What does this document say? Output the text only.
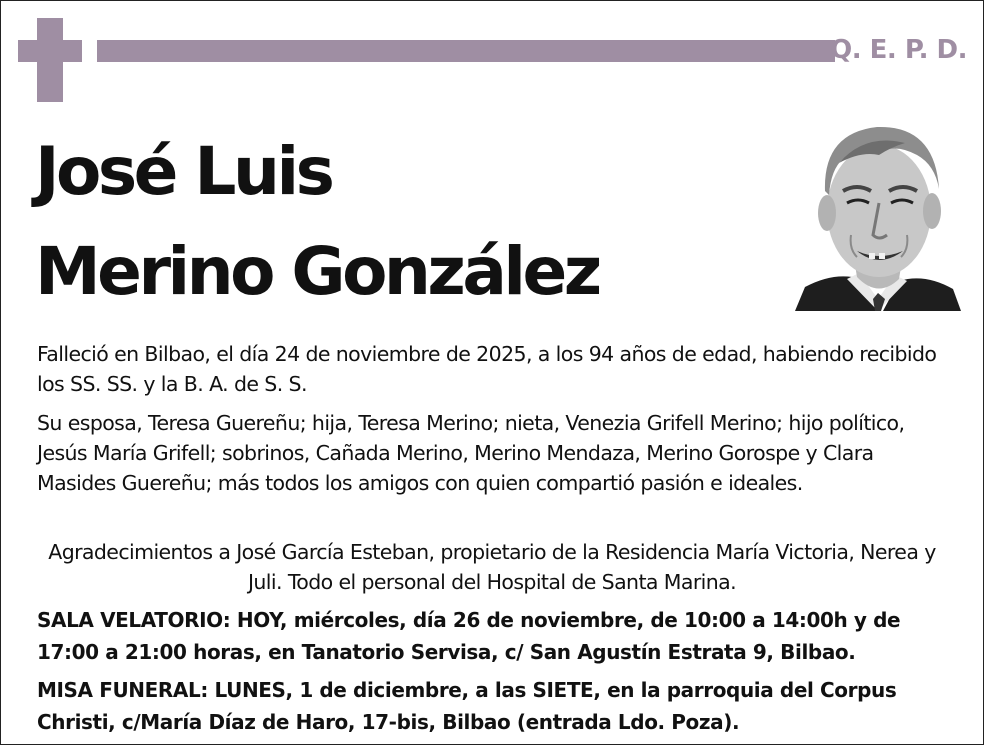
Q. E. P. D.
José Luis
Merino González
Falleció en Bilbao, el día 24 de noviembre de 2025, a los 94 años de edad, habiendo recibido los SS. SS. y la B. A. de S. S.
Su esposa, Teresa Guereñu; hija, Teresa Merino; nieta, Venezia Grifell Merino; hijo político, Jesús María Grifell; sobrinos, Cañada Merino, Merino Mendaza, Merino Gorospe y Clara Masides Guereñu; más todos los amigos con quien compartió pasión e ideales.
Agradecimientos a José García Esteban, propietario de la Residencia María Victoria, Nerea y Juli. Todo el personal del Hospital de Santa Marina.
SALA VELATORIO: HOY, miércoles, día 26 de noviembre, de 10:00 a 14:00h y de 17:00 a 21:00 horas, en Tanatorio Servisa, c/ San Agustín Estrata 9, Bilbao.
MISA FUNERAL: LUNES, 1 de diciembre, a las SIETE, en la parroquia del Corpus Christi, c/María Díaz de Haro, 17-bis, Bilbao (entrada Ldo. Poza).
